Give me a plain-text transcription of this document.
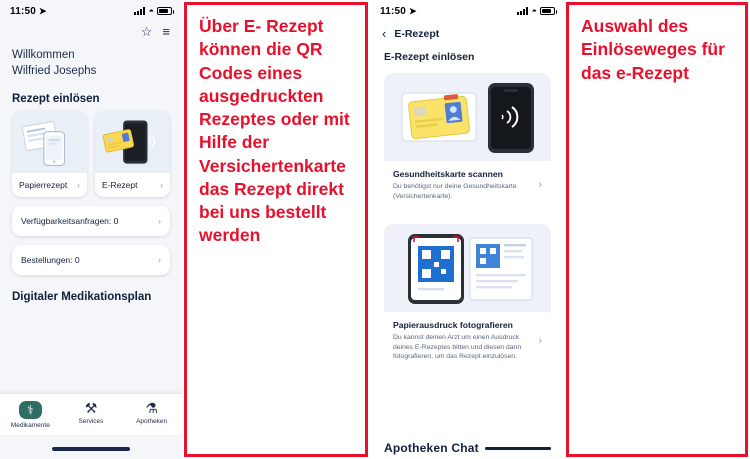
11:50 ➤	◓
☆ ≡
Willkommen
Wilfried Josephs
Rezept einlösen
Papierrezept ›	E-Rezept	›
Verfügbarkeitsanfragen: 0	›
Bestellungen: 0	›
Digitaler Medikationsplan
⚕
Medikamente
⚒
Services
⚗
Apotheken
Über E- Rezept können die QR Codes eines ausgedruckten Rezeptes oder mit Hilfe der Versichertenkarte das Rezept direkt bei uns bestellt werden
11:50 ➤	◓
‹ E-Rezept
E-Rezept einlösen
Gesundheitskarte scannen
Du benötigst nur deine Gesundheitskarte (Versichertenkarte).
›
Papierausdruck fotografieren
Du kannst deinen Arzt um einen Ausdruck deines E-Rezeptes bitten und diesen dann fotografieren, um das Rezept einzulösen.
›
Apotheken Chat
Auswahl des Einlöseweges für das e-Rezept
